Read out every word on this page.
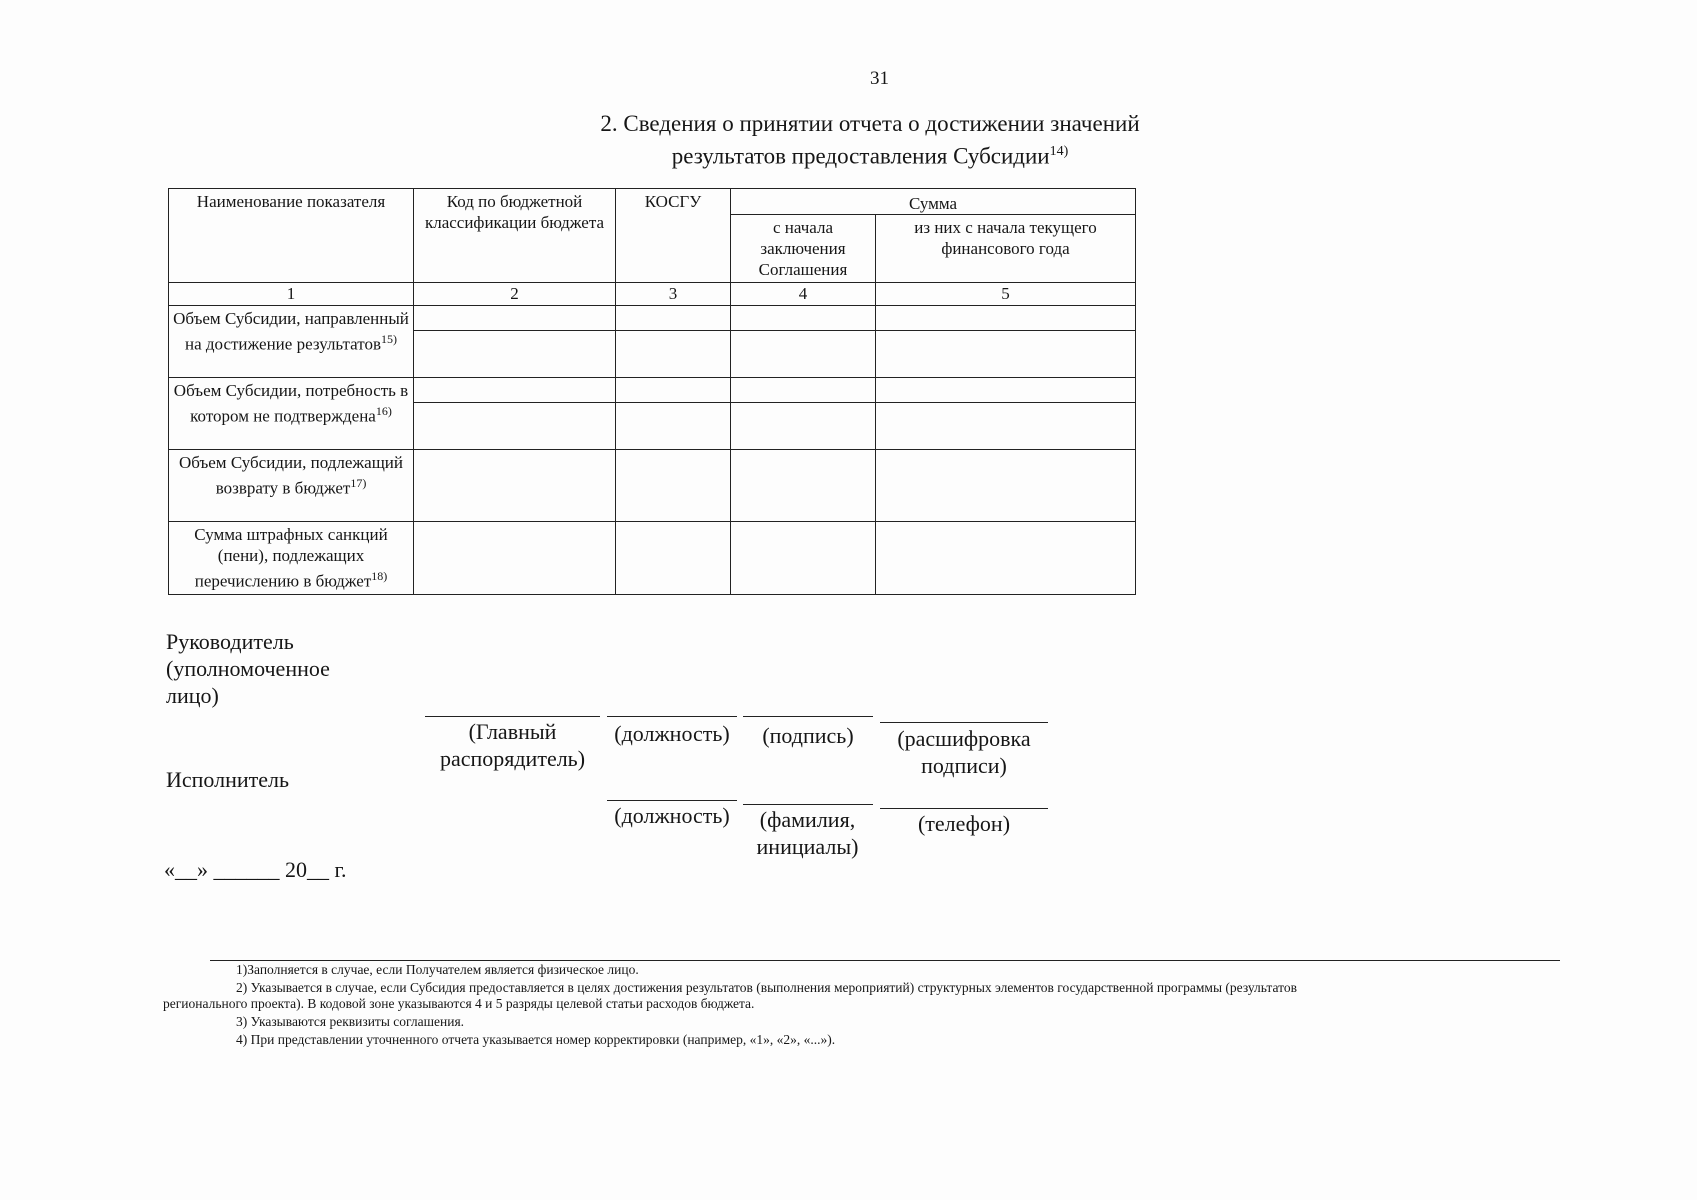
31
2. Сведения о принятии отчета о достижении значений
результатов предоставления Субсидии$^{14)}$
Наименование показателя	Код по бюджетной классификации бюджета	КОСГУ	Сумма	
			с начала заключения Соглашения	из них с начала текущего финансового года
1	2	3	4	5
Объем Субсидии, направленный на достижение результатов$^{15)}$	

Объем Субсидии, потребность в котором не подтверждена$^{16)}$	

Объем Субсидии, подлежащий возврату в бюджет$^{17)}$				
Сумма штрафных санкций (пени), подлежащих перечислению в бюджет$^{18)}$				
Руководитель (уполномоченное лицо)
(Главный распорядитель)
(должность)	(подпись)	(расшифровка подписи)
Исполнитель
(должность)	(фамилия, инициалы)
(телефон)
«__» ______ 20__ г.
1)Заполняется в случае, если Получателем является физическое лицо.
2) Указывается в случае, если Субсидия предоставляется в целях достижения результатов (выполнения мероприятий) структурных элементов государственной программы (результатов
регионального проекта). В кодовой зоне указываются 4 и 5 разряды целевой статьи расходов бюджета.
3) Указываются реквизиты соглашения.
4) При представлении уточненного отчета указывается номер корректировки (например, «1», «2», «...»).
